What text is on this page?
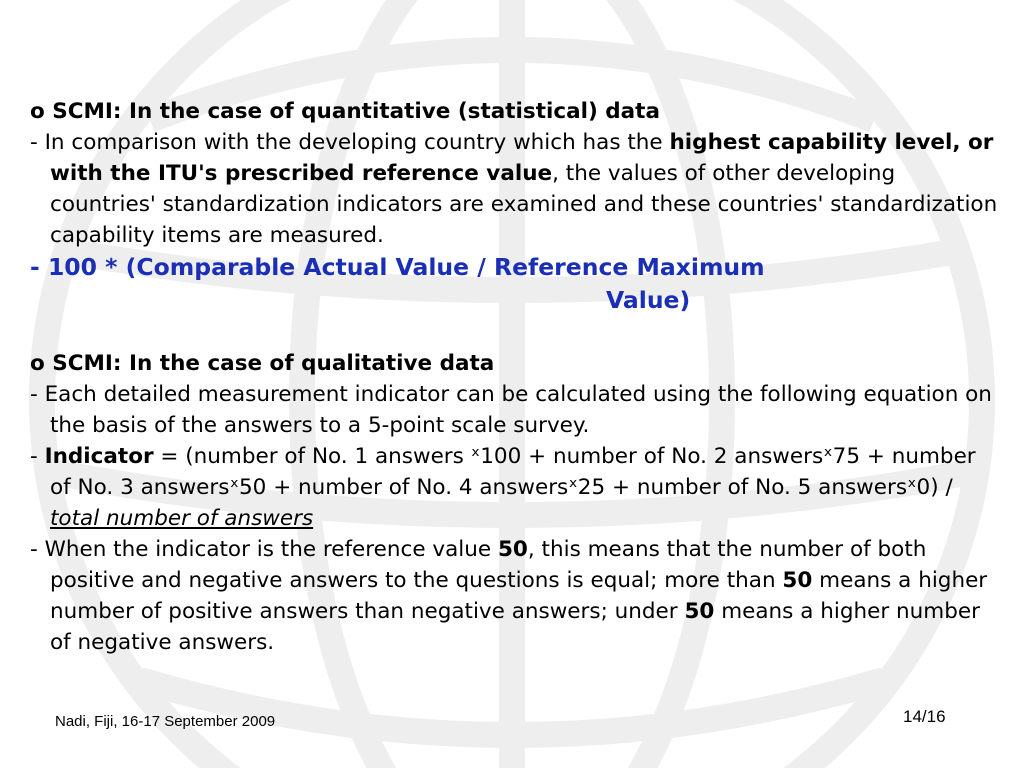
o SCMI: In the case of quantitative (statistical) data
- In comparison with the developing country which has the highest capability level, or with the ITU's prescribed reference value, the values of other developing countries' standardization indicators are examined and these countries' standardization capability items are measured.
- 100 * (Comparable Actual Value / Reference Maximum
Value)
o SCMI: In the case of qualitative data
- Each detailed measurement indicator can be calculated using the following equation on the basis of the answers to a 5-point scale survey.
- Indicator = (number of No. 1 answers ˣ100 + number of No. 2 answersˣ75 + number of No. 3 answersˣ50 + number of No. 4 answersˣ25 + number of No. 5 answersˣ0) / total number of answers
- When the indicator is the reference value 50, this means that the number of both positive and negative answers to the questions is equal; more than 50 means a higher number of positive answers than negative answers; under 50 means a higher number of negative answers.
Nadi, Fiji, 16-17 September 2009	14/16
